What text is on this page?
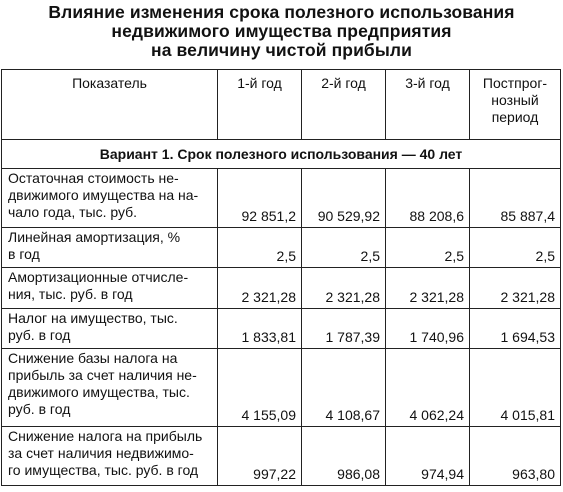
Влияние изменения срока полезного использования
недвижимого имущества предприятия
на величину чистой прибыли
Показатель	1-й год	2-й год	3-й год	Постпрог-
нозный
период
Вариант 1. Срок полезного использования — 40 лет				
Остаточная стоимость не-
движимого имущества на на-
чало года, тыс. руб.	92 851,2	90 529,92	88 208,6	85 887,4
Линейная амортизация, %
в год	2,5	2,5	2,5	2,5
Амортизационные отчисле-
ния, тыс. руб. в год	2 321,28	2 321,28	2 321,28	2 321,28
Налог на имущество, тыс.
руб. в год	1 833,81	1 787,39	1 740,96	1 694,53
Снижение базы налога на
прибыль за счет наличия не-
движимого имущества, тыс.
руб. в год	4 155,09	4 108,67	4 062,24	4 015,81
Снижение налога на прибыль
за счет наличия недвижимо-
го имущества, тыс. руб. в год	997,22	986,08	974,94	963,80
